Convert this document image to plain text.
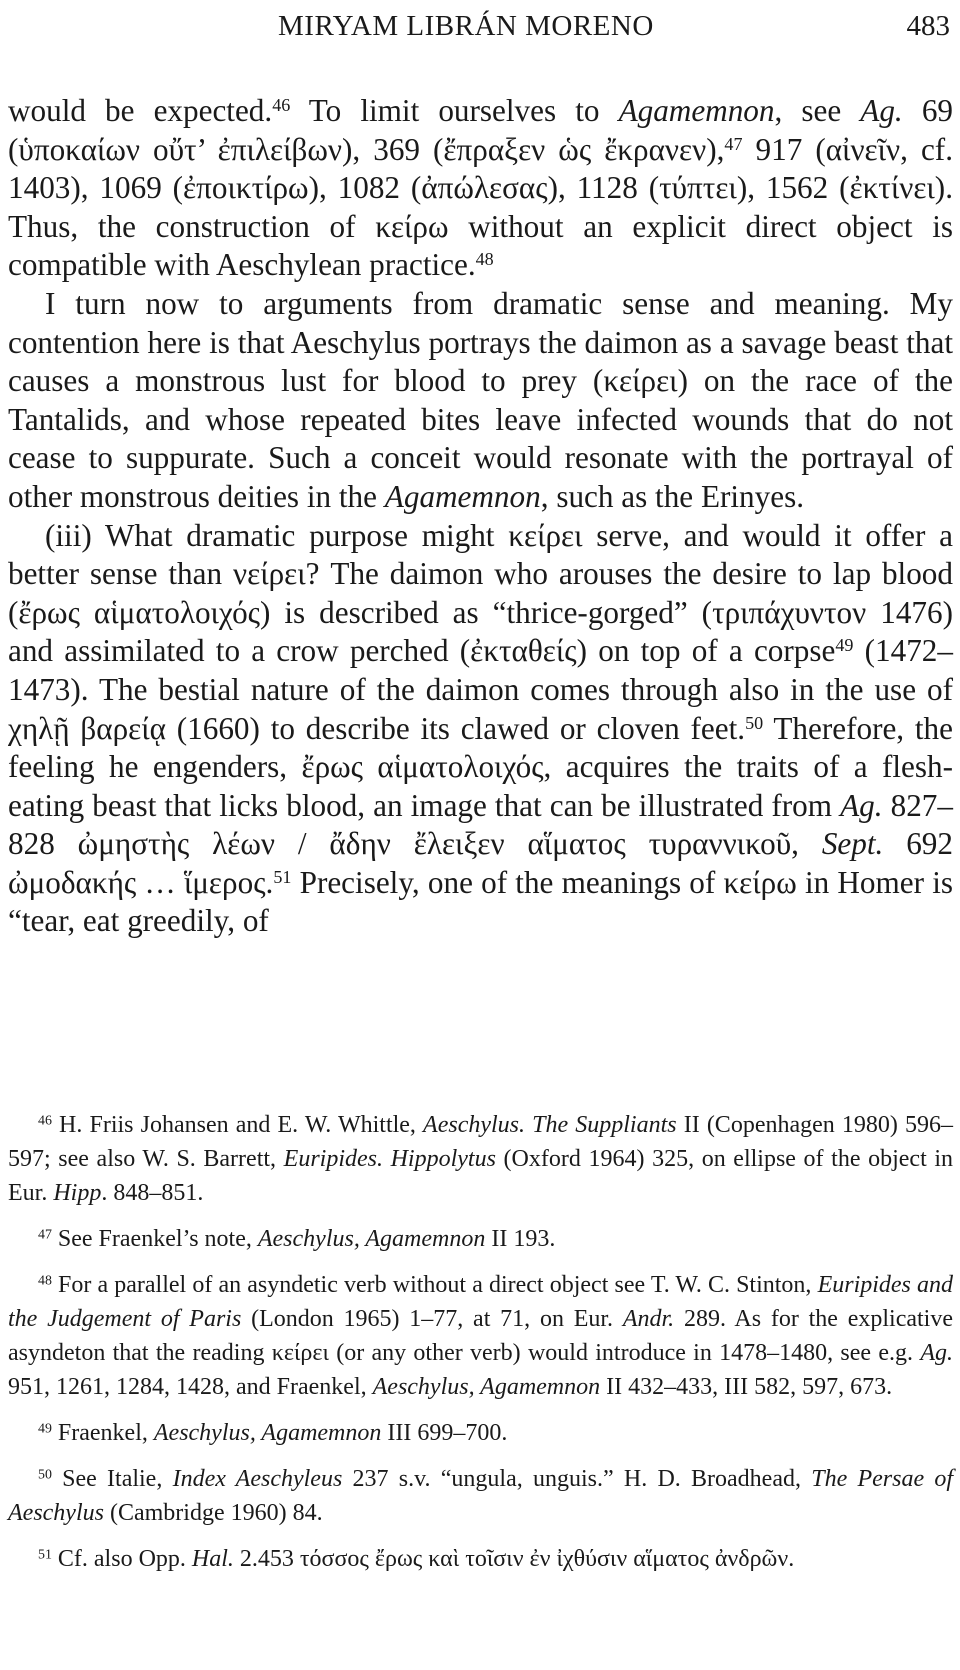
MIRYAM LIBRÁN MORENO	483

would be expected.$^{46}$ To limit ourselves to Agamemnon, see Ag. 69 (ὑποκαίων οὔτ’ ἐπιλείβων), 369 (ἔπραξεν ὡς ἔκρανεν),$^{47}$ 917 (αἰνεῖν, cf. 1403), 1069 (ἐποικτίρω), 1082 (ἀπώλεσας), 1128 (τύπτει), 1562 (ἐκτίνει). Thus, the construction of κείρω without an explicit direct object is compatible with Aeschylean practice.$^{48}$

I turn now to arguments from dramatic sense and meaning. My contention here is that Aeschylus portrays the daimon as a savage beast that causes a monstrous lust for blood to prey (κείρει) on the race of the Tantalids, and whose repeated bites leave infected wounds that do not cease to suppurate. Such a conceit would resonate with the portrayal of other monstrous deities in the Agamemnon, such as the Erinyes.

(iii) What dramatic purpose might κείρει serve, and would it offer a better sense than νείρει? The daimon who arouses the desire to lap blood (ἔρως αἱματολοιχός) is described as “thrice-gorged” (τριπάχυντον 1476) and assimilated to a crow perched (ἐκταθείς) on top of a corpse$^{49}$ (1472–1473). The bestial nature of the daimon comes through also in the use of χηλῇ βαρείᾳ (1660) to describe its clawed or cloven feet.$^{50}$ Therefore, the feeling he engenders, ἔρως αἱματολοιχός, acquires the traits of a flesh-eating beast that licks blood, an image that can be illustrated from Ag. 827–828 ὠμηστὴς λέων / ἄδην ἔλειξεν αἵματος τυραννικοῦ, Sept. 692 ὠμοδακής … ἵμερος.$^{51}$ Precisely, one of the meanings of κείρω in Homer is “tear, eat greedily, of

$^{46}$ H. Friis Johansen and E. W. Whittle, Aeschylus. The Suppliants II (Copenhagen 1980) 596–597; see also W. S. Barrett, Euripides. Hippolytus (Oxford 1964) 325, on ellipse of the object in Eur. Hipp. 848–851.

$^{47}$ See Fraenkel’s note, Aeschylus, Agamemnon II 193.

$^{48}$ For a parallel of an asyndetic verb without a direct object see T. W. C. Stinton, Euripides and the Judgement of Paris (London 1965) 1–77, at 71, on Eur. Andr. 289. As for the explicative asyndeton that the reading κείρει (or any other verb) would introduce in 1478–1480, see e.g. Ag. 951, 1261, 1284, 1428, and Fraenkel, Aeschylus, Agamemnon II 432–433, III 582, 597, 673.

$^{49}$ Fraenkel, Aeschylus, Agamemnon III 699–700.

$^{50}$ See Italie, Index Aeschyleus 237 s.v. “ungula, unguis.” H. D. Broadhead, The Persae of Aeschylus (Cambridge 1960) 84.

$^{51}$ Cf. also Opp. Hal. 2.453 τόσσος ἔρως καὶ τοῖσιν ἐν ἰχθύσιν αἵματος ἀνδρῶν.
